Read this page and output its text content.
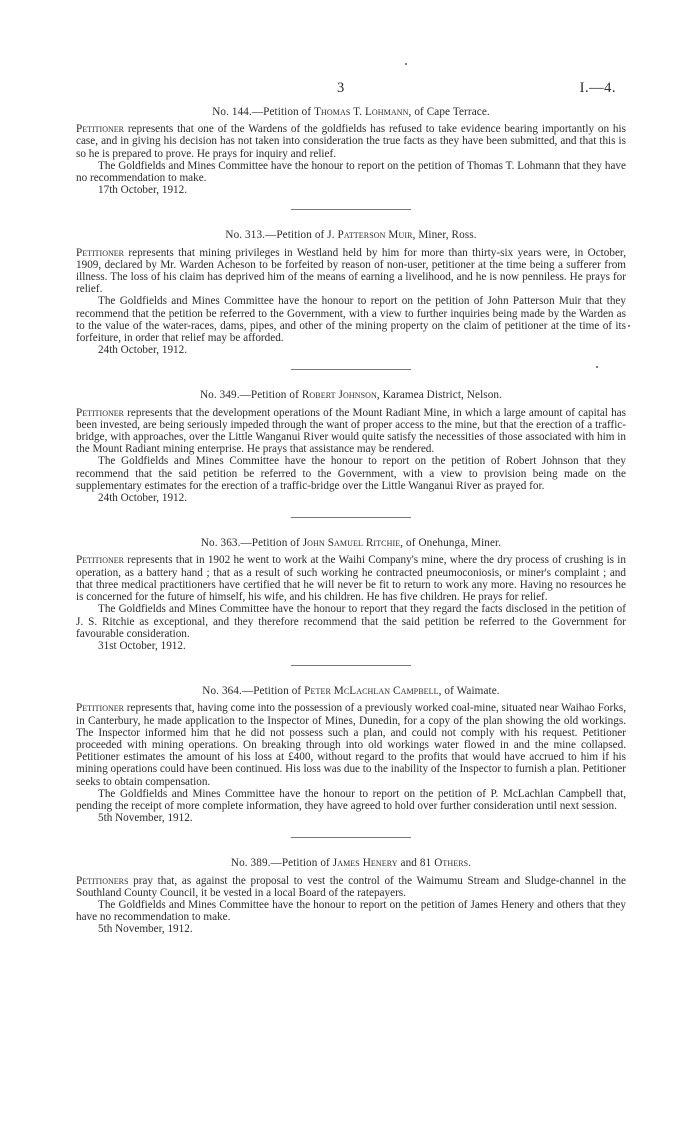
3	I.—4.

No. 144.—Petition of Thomas T. Lohmann, of Cape Terrace.

Petitioner represents that one of the Wardens of the goldfields has refused to take evidence bearing importantly on his case, and in giving his decision has not taken into consideration the true facts as they have been submitted, and that this is so he is prepared to prove. He prays for inquiry and relief.

The Goldfields and Mines Committee have the honour to report on the petition of Thomas T. Lohmann that they have no recommendation to make.

17th October, 1912.

No. 313.—Petition of J. Patterson Muir, Miner, Ross.

Petitioner represents that mining privileges in Westland held by him for more than thirty-six years were, in October, 1909, declared by Mr. Warden Acheson to be forfeited by reason of non-user, petitioner at the time being a sufferer from illness. The loss of his claim has deprived him of the means of earning a livelihood, and he is now penniless. He prays for relief.

The Goldfields and Mines Committee have the honour to report on the petition of John Patterson Muir that they recommend that the petition be referred to the Government, with a view to further inquiries being made by the Warden as to the value of the water-races, dams, pipes, and other of the mining property on the claim of petitioner at the time of its forfeiture, in order that relief may be afforded.

24th October, 1912.

No. 349.—Petition of Robert Johnson, Karamea District, Nelson.

Petitioner represents that the development operations of the Mount Radiant Mine, in which a large amount of capital has been invested, are being seriously impeded through the want of proper access to the mine, but that the erection of a traffic-bridge, with approaches, over the Little Wanganui River would quite satisfy the necessities of those associated with him in the Mount Radiant mining enterprise. He prays that assistance may be rendered.

The Goldfields and Mines Committee have the honour to report on the petition of Robert Johnson that they recommend that the said petition be referred to the Government, with a view to provision being made on the supplementary estimates for the erection of a traffic-bridge over the Little Wanganui River as prayed for.

24th October, 1912.

No. 363.—Petition of John Samuel Ritchie, of Onehunga, Miner.

Petitioner represents that in 1902 he went to work at the Waihi Company's mine, where the dry process of crushing is in operation, as a battery hand ; that as a result of such working he contracted pneumoconiosis, or miner's complaint ; and that three medical practitioners have certified that he will never be fit to return to work any more. Having no resources he is concerned for the future of himself, his wife, and his children. He has five children. He prays for relief.

The Goldfields and Mines Committee have the honour to report that they regard the facts disclosed in the petition of J. S. Ritchie as exceptional, and they therefore recommend that the said petition be referred to the Government for favourable consideration.

31st October, 1912.

No. 364.—Petition of Peter McLachlan Campbell, of Waimate.

Petitioner represents that, having come into the possession of a previously worked coal-mine, situated near Waihao Forks, in Canterbury, he made application to the Inspector of Mines, Dunedin, for a copy of the plan showing the old workings. The Inspector informed him that he did not possess such a plan, and could not comply with his request. Petitioner proceeded with mining operations. On breaking through into old workings water flowed in and the mine collapsed. Petitioner estimates the amount of his loss at £400, without regard to the profits that would have accrued to him if his mining operations could have been continued. His loss was due to the inability of the Inspector to furnish a plan. Petitioner seeks to obtain compensation.

The Goldfields and Mines Committee have the honour to report on the petition of P. McLachlan Campbell that, pending the receipt of more complete information, they have agreed to hold over further consideration until next session.

5th November, 1912.

No. 389.—Petition of James Henery and 81 Others.

Petitioners pray that, as against the proposal to vest the control of the Waimumu Stream and Sludge-channel in the Southland County Council, it be vested in a local Board of the ratepayers.

The Goldfields and Mines Committee have the honour to report on the petition of James Henery and others that they have no recommendation to make.

5th November, 1912.
